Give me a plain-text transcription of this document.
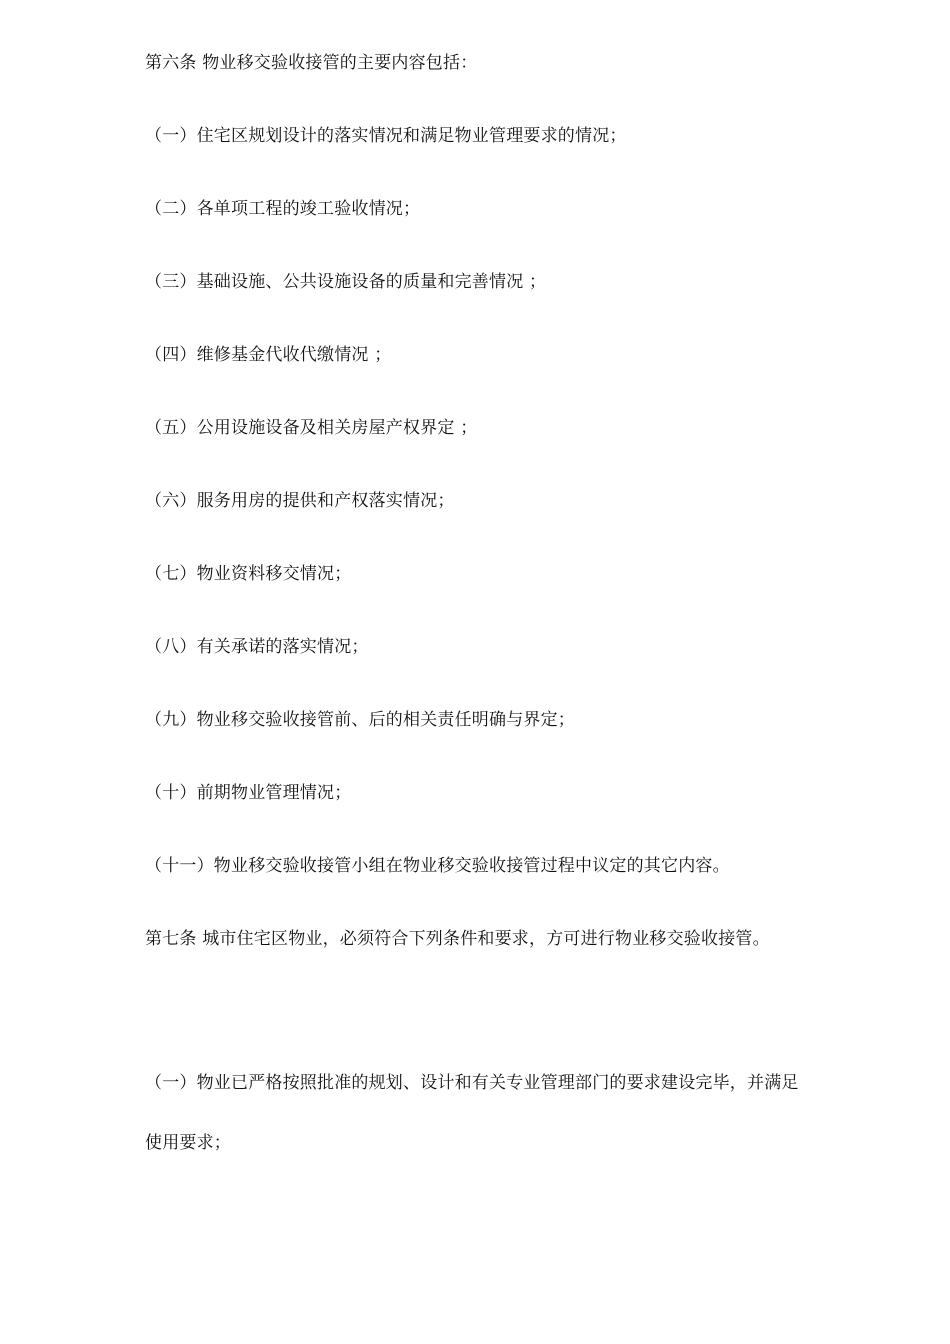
第六条 物业移交验收接管的主要内容包括：
（一）住宅区规划设计的落实情况和满足物业管理要求的情况；
（二）各单项工程的竣工验收情况；
（三）基础设施、公共设施设备的质量和完善情况 ；
（四）维修基金代收代缴情况 ；
（五）公用设施设备及相关房屋产权界定 ；
（六）服务用房的提供和产权落实情况；
（七）物业资料移交情况；
（八）有关承诺的落实情况；
（九）物业移交验收接管前、后的相关责任明确与界定；
（十）前期物业管理情况；
（十一）物业移交验收接管小组在物业移交验收接管过程中议定的其它内容。
第七条 城市住宅区物业，必须符合下列条件和要求，方可进行物业移交验收接管。
（一）物业已严格按照批准的规划、设计和有关专业管理部门的要求建设完毕，并满足
使用要求；
